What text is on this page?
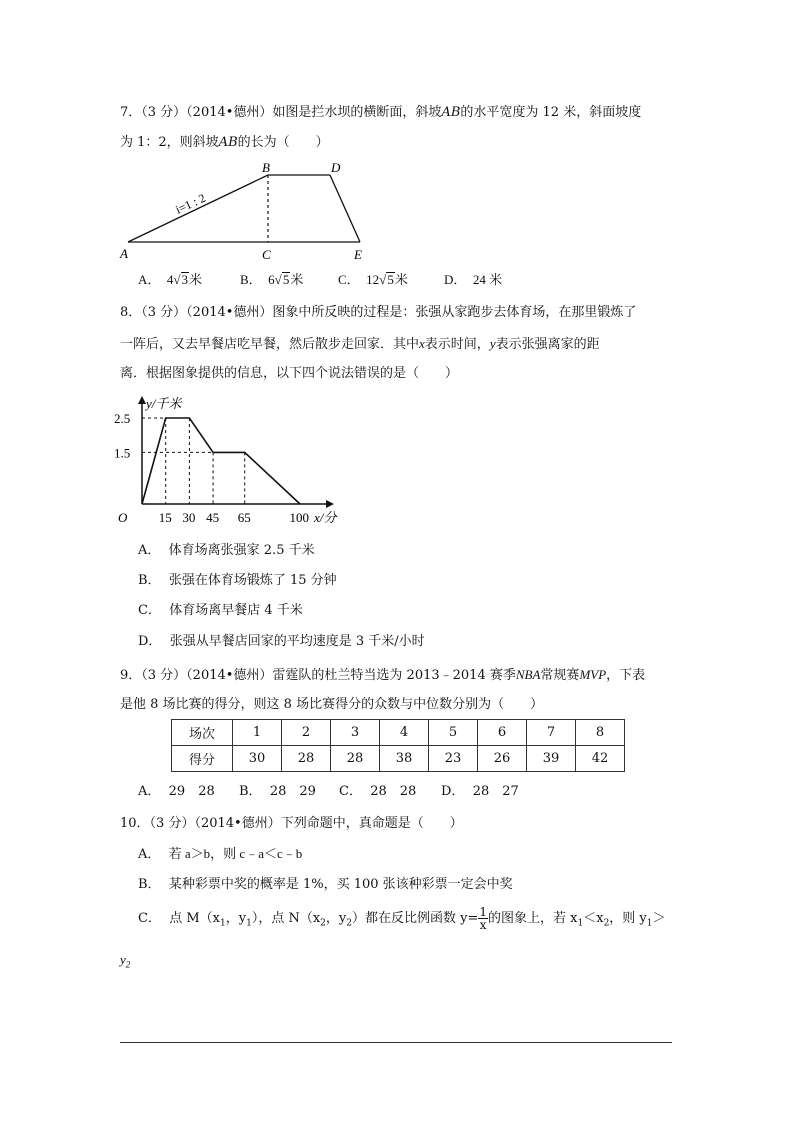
7．（3 分）（2014•德州）如图是拦水坝的横断面，斜坡AB的水平宽度为 12 米，斜面坡度
为 1：2，则斜坡AB的长为（　　）
A
B
C
D
E
i=1 : 2
A． 4√3米	B． 6√5米	C． 12√5米	D． 24 米
8．（3 分）（2014•德州）图象中所反映的过程是：张强从家跑步去体育场，在那里锻炼了
一阵后，又去早餐店吃早餐，然后散步走回家．其中x表示时间，y表示张强离家的距
离．根据图象提供的信息，以下四个说法错误的是（　　）
2.5
1.5
15 30 45 65	100
O
y/千米
x/分
A． 体育场离张强家 2.5 千米
B． 张强在体育场锻炼了 15 分钟
C． 体育场离早餐店 4 千米
D． 张强从早餐店回家的平均速度是 3 千米/小时
9．（3 分）（2014•德州）雷霆队的杜兰特当选为 2013﹣2014 赛季NBA常规赛MVP，下表
是他 8 场比赛的得分，则这 8 场比赛得分的众数与中位数分别为（　　）
场次	1	2	3	4	5	6	7	8
得分	30	28	28	38	23	26	39	42
A． 29　28 B． 28　29 C． 28　28 D． 28　27
10．（3 分）（2014•德州）下列命题中，真命题是（　　）
A． 若 a＞b，则 c﹣a＜c﹣b
B． 某种彩票中奖的概率是 1%，买 100 张该种彩票一定会中奖
C． 点 $M(x_1$，$y_1$），点 $N(x_2$，$y_2$）都在反比例函数 $y= \frac{1}{x}$ 的图象上，若 $x_1<x_2$，则 $y_1>$
$y_2$
